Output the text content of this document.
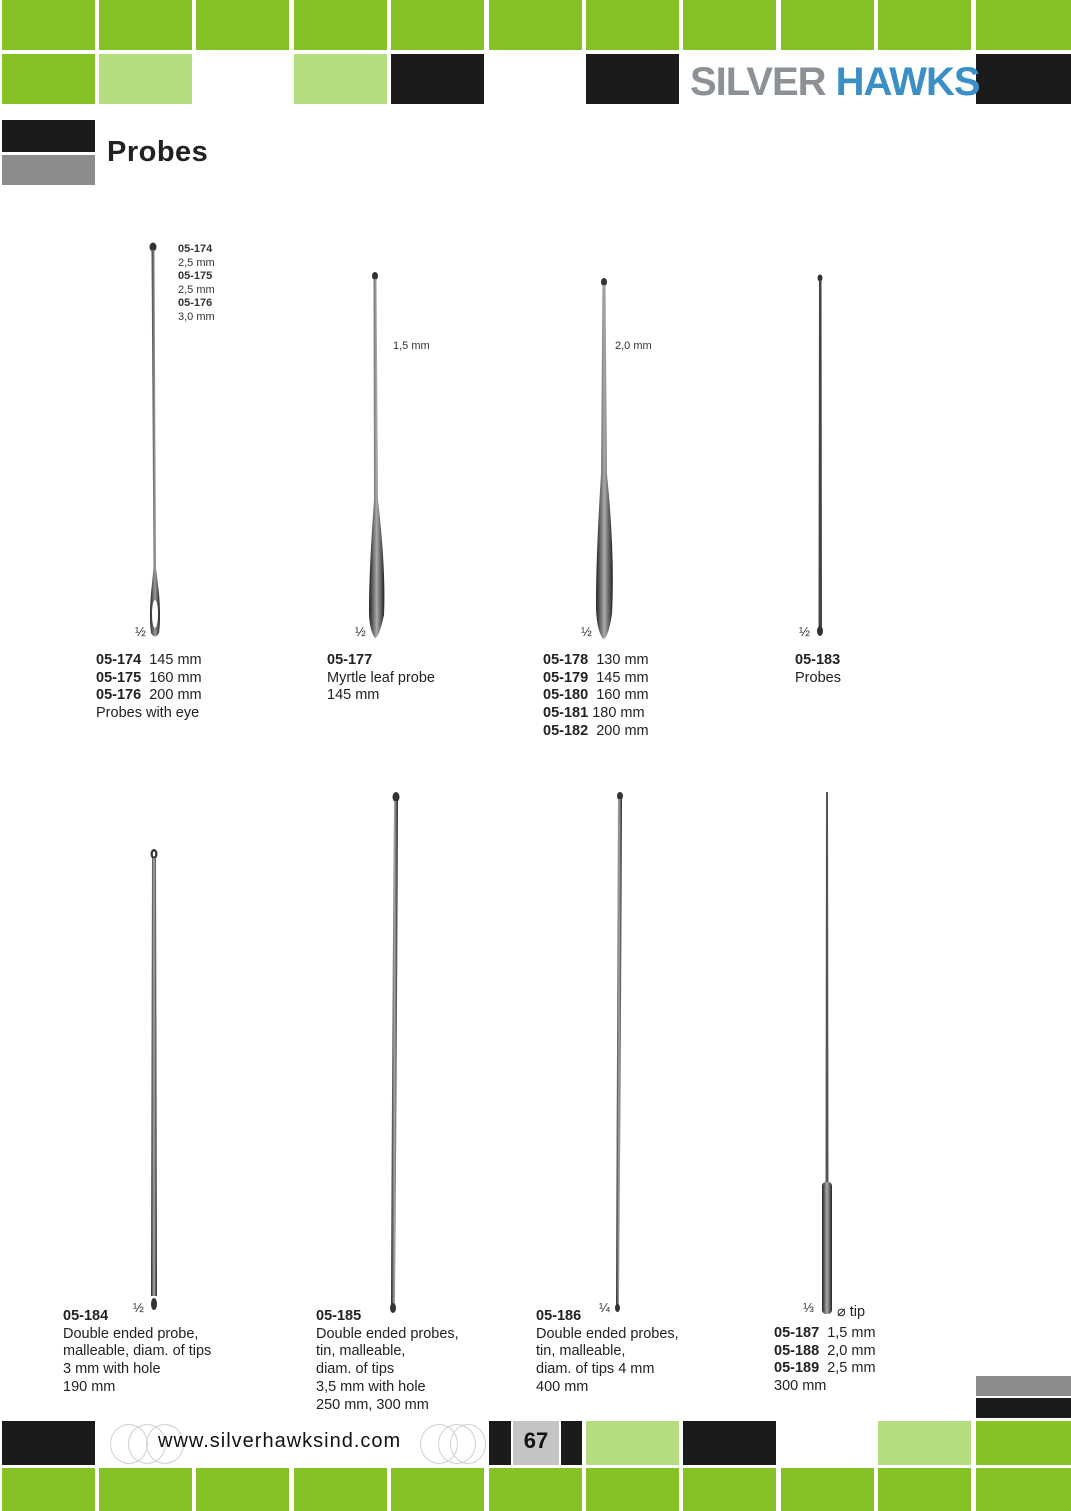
SILVER HAWKS
Probes
05-174
2,5 mm
05-175
2,5 mm
05-176
3,0 mm
1,5 mm	2,0 mm
½	½	½	½
05-174 145 mm
05-175 160 mm
05-176 200 mm
Probes with eye
05-177
Myrtle leaf probe
145 mm
05-178 130 mm
05-179 145 mm
05-180 160 mm
05-181 180 mm
05-182 200 mm
05-183
Probes
½	¼	⅓ ⌀ tip
05-184
Double ended probe,
malleable, diam. of tips
3 mm with hole
190 mm
05-185
Double ended probes,
tin, malleable,
diam. of tips
3,5 mm with hole
250 mm, 300 mm
05-186
Double ended probes,
tin, malleable,
diam. of tips 4 mm
400 mm
05-187 1,5 mm
05-188 2,0 mm
05-189 2,5 mm
300 mm
www.silverhawksind.com	67
